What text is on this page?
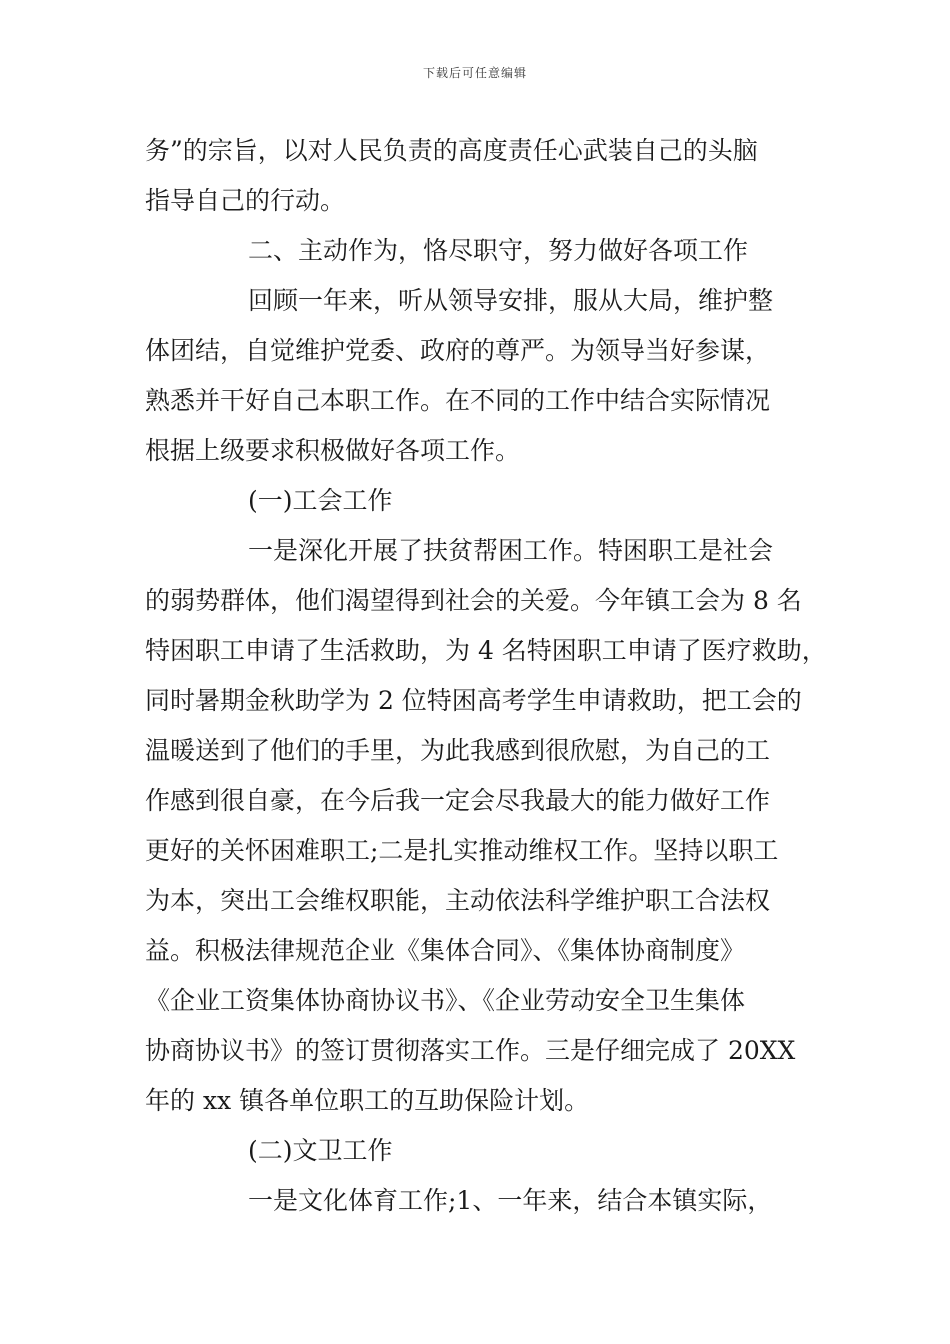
下载后可任意编辑
务”的宗旨，以对人民负责的高度责任心武装自己的头脑
指导自己的行动。
二、主动作为，恪尽职守，努力做好各项工作
回顾一年来，听从领导安排，服从大局，维护整
体团结，自觉维护党委、政府的尊严。为领导当好参谋，
熟悉并干好自己本职工作。在不同的工作中结合实际情况
根据上级要求积极做好各项工作。
(一)工会工作
一是深化开展了扶贫帮困工作。特困职工是社会
的弱势群体，他们渴望得到社会的关爱。今年镇工会为 8 名
特困职工申请了生活救助，为 4 名特困职工申请了医疗救助，
同时暑期金秋助学为 2 位特困高考学生申请救助，把工会的
温暖送到了他们的手里，为此我感到很欣慰，为自己的工
作感到很自豪，在今后我一定会尽我最大的能力做好工作
更好的关怀困难职工;二是扎实推动维权工作。坚持以职工
为本，突出工会维权职能，主动依法科学维护职工合法权
益。积极法律规范企业《集体合同》、《集体协商制度》
《企业工资集体协商协议书》、《企业劳动安全卫生集体
协商协议书》的签订贯彻落实工作。三是仔细完成了 20XX
年的 xx 镇各单位职工的互助保险计划。
(二)文卫工作
一是文化体育工作;1、一年来，结合本镇实际，
